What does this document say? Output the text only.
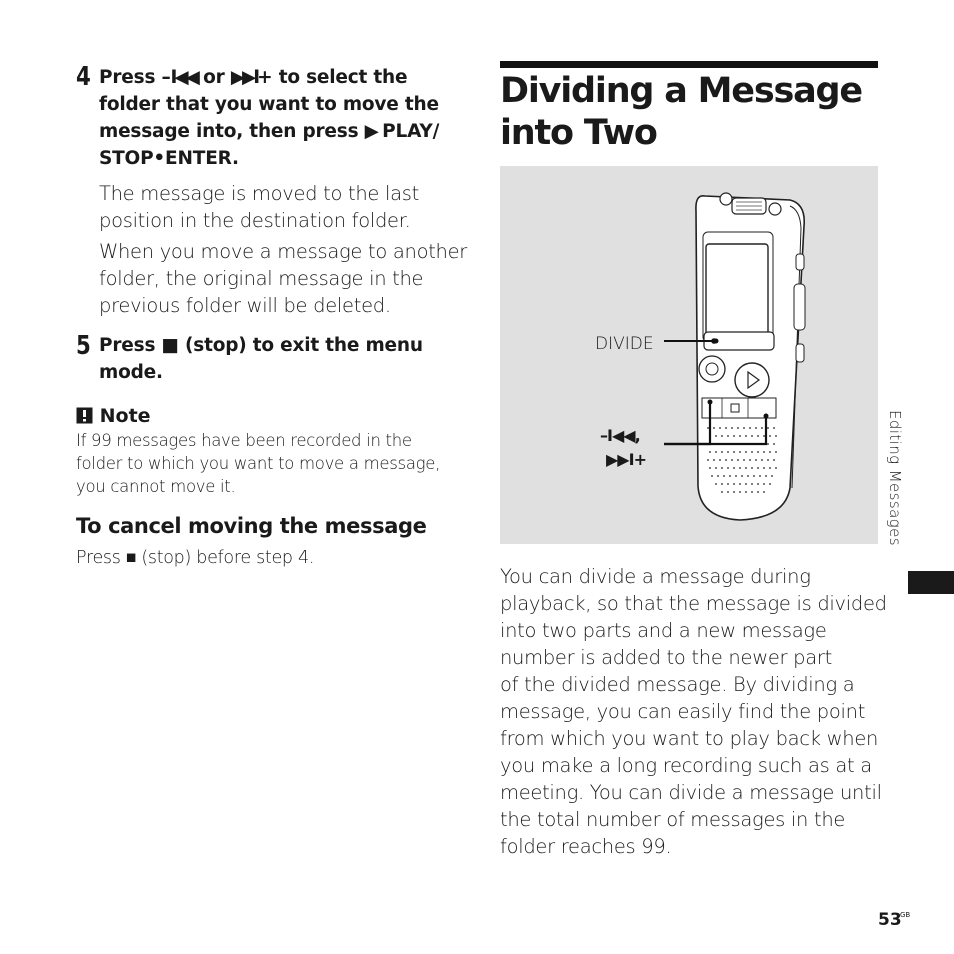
4 Press –I◀◀ or ▶▶I+ to select the
folder that you want to move the
message into, then press ▶ PLAY/
STOP•ENTER.
The message is moved to the last
position in the destination folder.
When you move a message to another
folder, the original message in the
previous folder will be deleted.
5 Press ■ (stop) to exit the menu
mode.
Note
If 99 messages have been recorded in the
folder to which you want to move a message,
you cannot move it.
To cancel moving the message
Press ■ (stop) before step 4.
Dividing a Message
into Two
DIVIDE
–I◀◀,
▶▶I+
You can divide a message during
playback, so that the message is divided
into two parts and a new message
number is added to the newer part
of the divided message. By dividing a
message, you can easily find the point
from which you want to play back when
you make a long recording such as at a
meeting. You can divide a message until
the total number of messages in the
folder reaches 99.
Editing Messages
53
GB
